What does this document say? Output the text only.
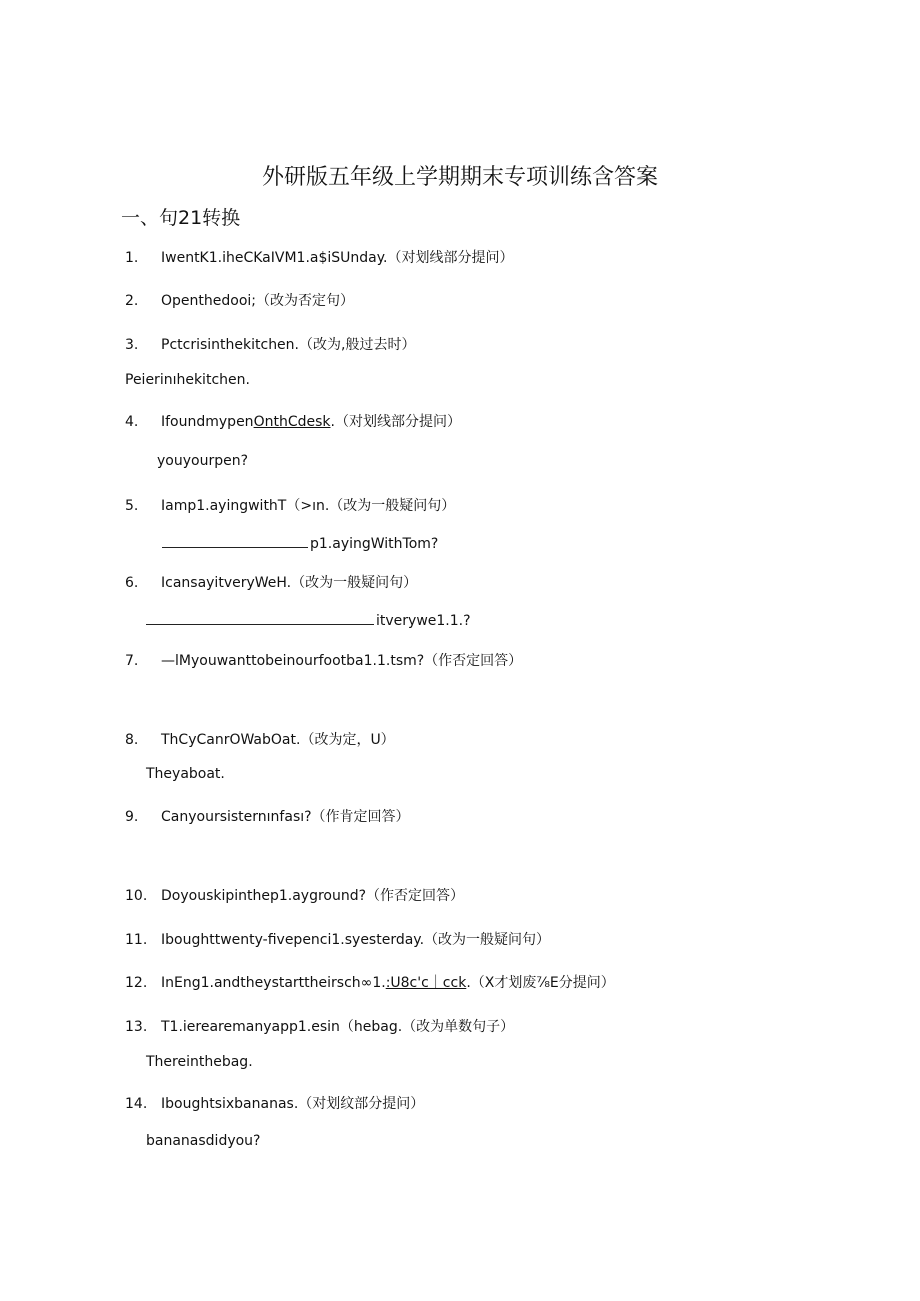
外研版五年级上学期期末专项训练含答案
一、句21转换
1. IwentK1.iheCKaIVM1.a$iSUnday.（对划线部分提问）
2. Openthedooi;（改为否定句）
3. Pctcrisinthekitchen.（改为,般过去时）
Peierinıhekitchen.
4. IfoundmypenOnthCdesk.（对划线部分提问）
youyourpen?
5. Iamp1.ayingwithT（>ın.（改为一般疑问句）
p1.ayingWithTom?
6. IcansayitveryWeH.（改为一般疑问句）
itverywe1.1.?
7. —lMyouwanttobeinourfootba1.1.tsm?（作否定回答）
8. ThCyCanrOWabOat.（改为定，U）
Theyaboat.
9. Canyoursisternınfası?（作肯定回答）
10. Doyouskipinthep1.ayground?（作否定回答）
11. Iboughttwenty-fivepenci1.syesterday.（改为一般疑问句）
12. InEng1.andtheystarttheirsch∞1.:U8c'c｜cck.（X才划废⅞E分提问）
13. T1.ierearemanyapp1.esin（hebag.（改为单数句子）
Thereinthebag.
14. Iboughtsixbananas.（对划纹部分提问）
bananasdidyou?
